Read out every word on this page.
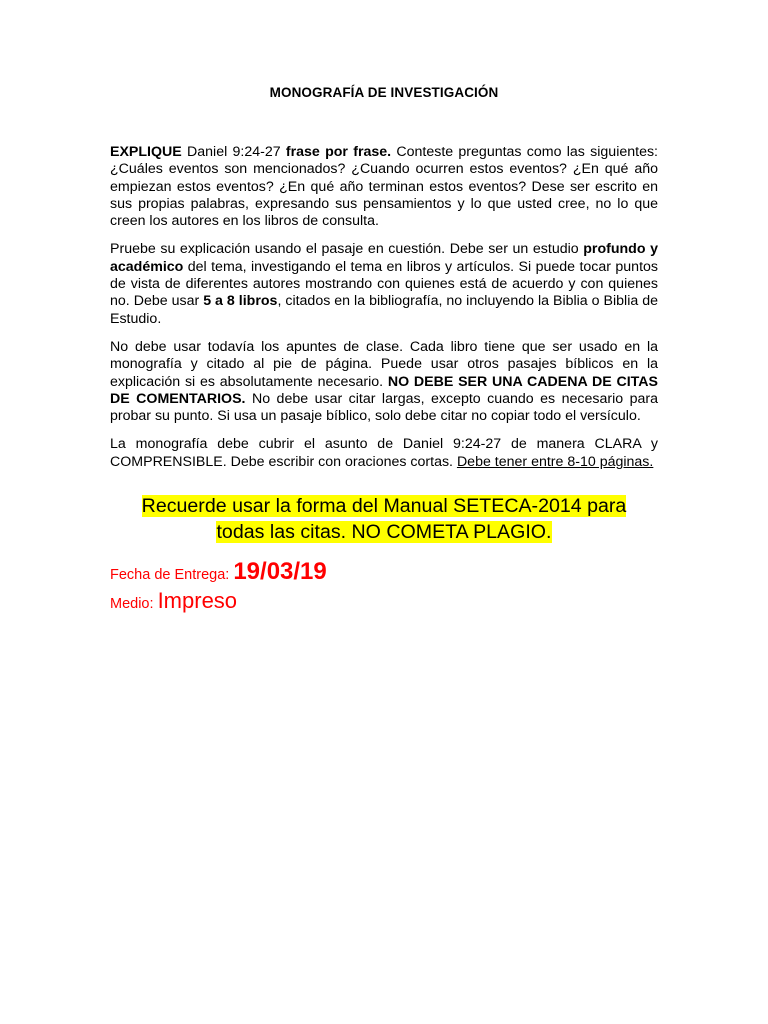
MONOGRAFÍA DE INVESTIGACIÓN

EXPLIQUE Daniel 9:24-27 frase por frase. Conteste preguntas como las siguientes: ¿Cuáles eventos son mencionados? ¿Cuando ocurren estos eventos? ¿En qué año empiezan estos eventos? ¿En qué año terminan estos eventos? Dese ser escrito en sus propias palabras, expresando sus pensamientos y lo que usted cree, no lo que creen los autores en los libros de consulta.

Pruebe su explicación usando el pasaje en cuestión. Debe ser un estudio profundo y académico del tema, investigando el tema en libros y artículos. Si puede tocar puntos de vista de diferentes autores mostrando con quienes está de acuerdo y con quienes no. Debe usar 5 a 8 libros, citados en la bibliografía, no incluyendo la Biblia o Biblia de Estudio.

No debe usar todavía los apuntes de clase. Cada libro tiene que ser usado en la monografía y citado al pie de página. Puede usar otros pasajes bíblicos en la explicación si es absolutamente necesario. NO DEBE SER UNA CADENA DE CITAS DE COMENTARIOS. No debe usar citar largas, excepto cuando es necesario para probar su punto. Si usa un pasaje bíblico, solo debe citar no copiar todo el versículo.

La monografía debe cubrir el asunto de Daniel 9:24-27 de manera CLARA y COMPRENSIBLE. Debe escribir con oraciones cortas. Debe tener entre 8-10 páginas.

Recuerde usar la forma del Manual SETECA-2014 para
todas las citas. NO COMETA PLAGIO.
Fecha de Entrega: 19/03/19
Medio: Impreso
